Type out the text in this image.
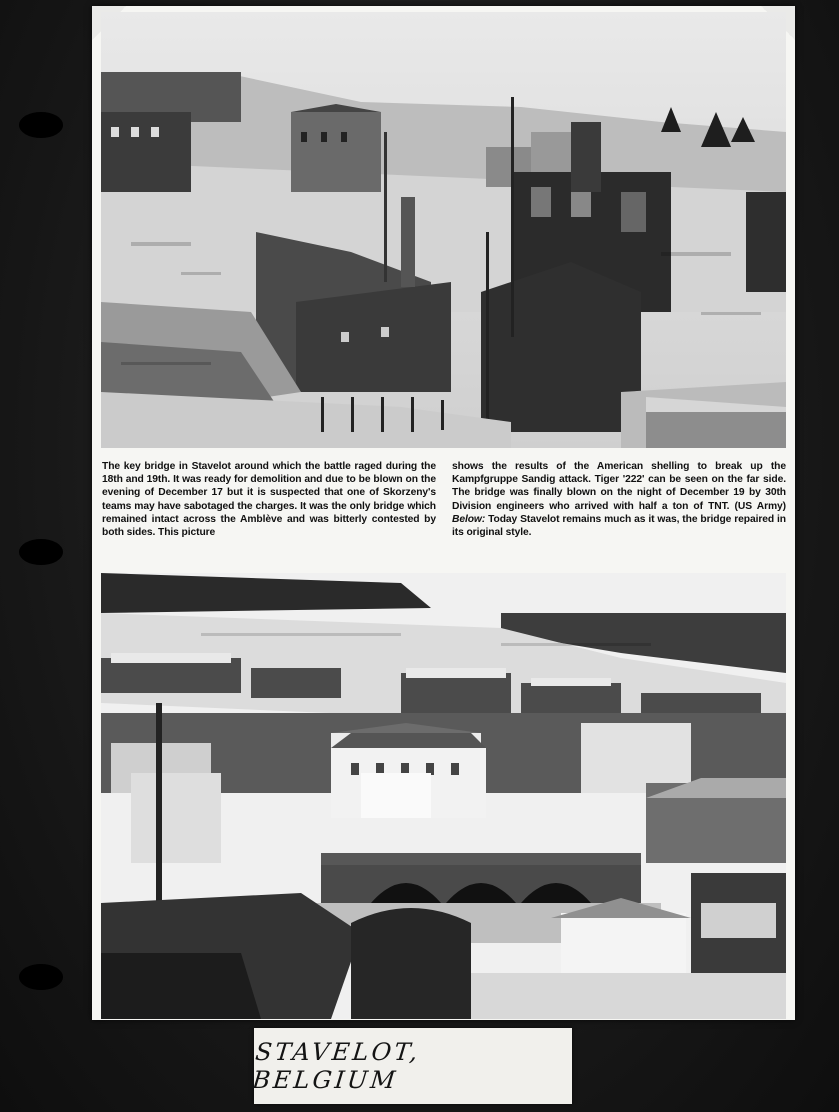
The key bridge in Stavelot around which the battle raged during the 18th and 19th. It was ready for demolition and due to be blown on the evening of December 17 but it is suspected that one of Skorzeny's teams may have sabotaged the charges. It was the only bridge which remained intact across the Amblève and was bitterly contested by both sides. This picture
shows the results of the American shelling to break up the Kampfgruppe Sandig attack. Tiger '222' can be seen on the far side. The bridge was finally blown on the night of December 19 by 30th Division engineers who arrived with half a ton of TNT. (US Army) Below: Today Stavelot remains much as it was, the bridge repaired in its original style.
STAVELOT, BELGIUM
